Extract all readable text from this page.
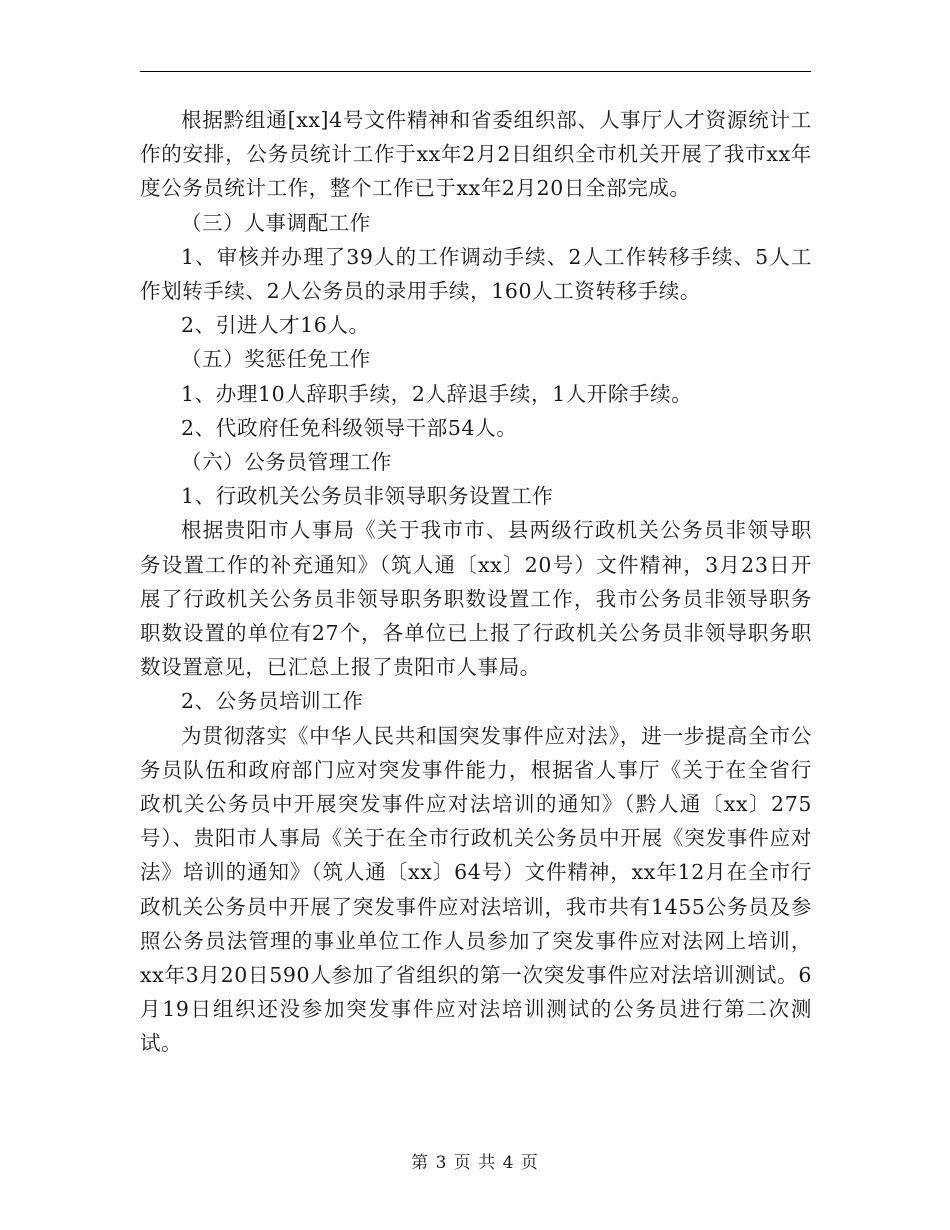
根据黔组通[xx]4号文件精神和省委组织部、人事厅人才资源统计工作的安排，公务员统计工作于xx年2月2日组织全市机关开展了我市xx年度公务员统计工作，整个工作已于xx年2月20日全部完成。

（三）人事调配工作

1、审核并办理了39人的工作调动手续、2人工作转移手续、5人工作划转手续、2人公务员的录用手续，160人工资转移手续。

2、引进人才16人。

（五）奖惩任免工作

1、办理10人辞职手续，2人辞退手续，1人开除手续。

2、代政府任免科级领导干部54人。

（六）公务员管理工作

1、行政机关公务员非领导职务设置工作

根据贵阳市人事局《关于我市市、县两级行政机关公务员非领导职务设置工作的补充通知》（筑人通〔xx〕20号）文件精神，3月23日开展了行政机关公务员非领导职务职数设置工作，我市公务员非领导职务职数设置的单位有27个，各单位已上报了行政机关公务员非领导职务职数设置意见，已汇总上报了贵阳市人事局。

2、公务员培训工作

为贯彻落实《中华人民共和国突发事件应对法》，进一步提高全市公务员队伍和政府部门应对突发事件能力，根据省人事厅《关于在全省行政机关公务员中开展突发事件应对法培训的通知》（黔人通〔xx〕275号）、贵阳市人事局《关于在全市行政机关公务员中开展《突发事件应对法》培训的通知》（筑人通〔xx〕64号）文件精神，xx年12月在全市行政机关公务员中开展了突发事件应对法培训，我市共有1455公务员及参照公务员法管理的事业单位工作人员参加了突发事件应对法网上培训，xx年3月20日590人参加了省组织的第一次突发事件应对法培训测试。6月19日组织还没参加突发事件应对法培训测试的公务员进行第二次测试。

第 3 页 共 4 页
